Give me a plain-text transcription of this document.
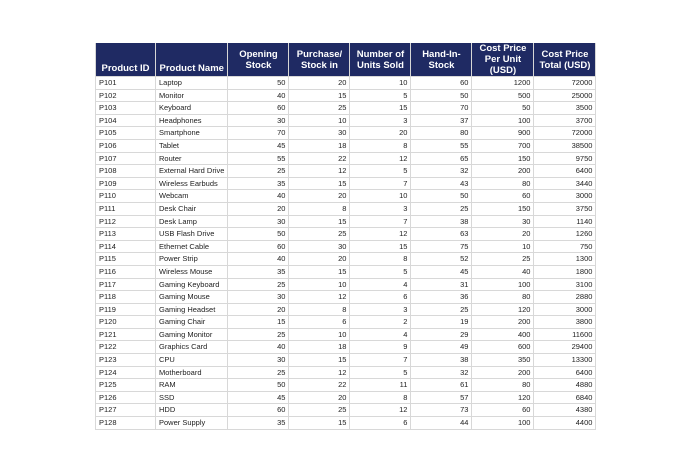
Product ID	Product Name	Opening Stock	Purchase/ Stock in	Number of Units Sold	Hand-In-Stock	Cost Price Per Unit (USD)	Cost Price Total (USD)
P101	Laptop	50	20	10	60	1200	72000
P102	Monitor	40	15	5	50	500	25000
P103	Keyboard	60	25	15	70	50	3500
P104	Headphones	30	10	3	37	100	3700
P105	Smartphone	70	30	20	80	900	72000
P106	Tablet	45	18	8	55	700	38500
P107	Router	55	22	12	65	150	9750
P108	External Hard Drive	25	12	5	32	200	6400
P109	Wireless Earbuds	35	15	7	43	80	3440
P110	Webcam	40	20	10	50	60	3000
P111	Desk Chair	20	8	3	25	150	3750
P112	Desk Lamp	30	15	7	38	30	1140
P113	USB Flash Drive	50	25	12	63	20	1260
P114	Ethernet Cable	60	30	15	75	10	750
P115	Power Strip	40	20	8	52	25	1300
P116	Wireless Mouse	35	15	5	45	40	1800
P117	Gaming Keyboard	25	10	4	31	100	3100
P118	Gaming Mouse	30	12	6	36	80	2880
P119	Gaming Headset	20	8	3	25	120	3000
P120	Gaming Chair	15	6	2	19	200	3800
P121	Gaming Monitor	25	10	4	29	400	11600
P122	Graphics Card	40	18	9	49	600	29400
P123	CPU	30	15	7	38	350	13300
P124	Motherboard	25	12	5	32	200	6400
P125	RAM	50	22	11	61	80	4880
P126	SSD	45	20	8	57	120	6840
P127	HDD	60	25	12	73	60	4380
P128	Power Supply	35	15	6	44	100	4400
